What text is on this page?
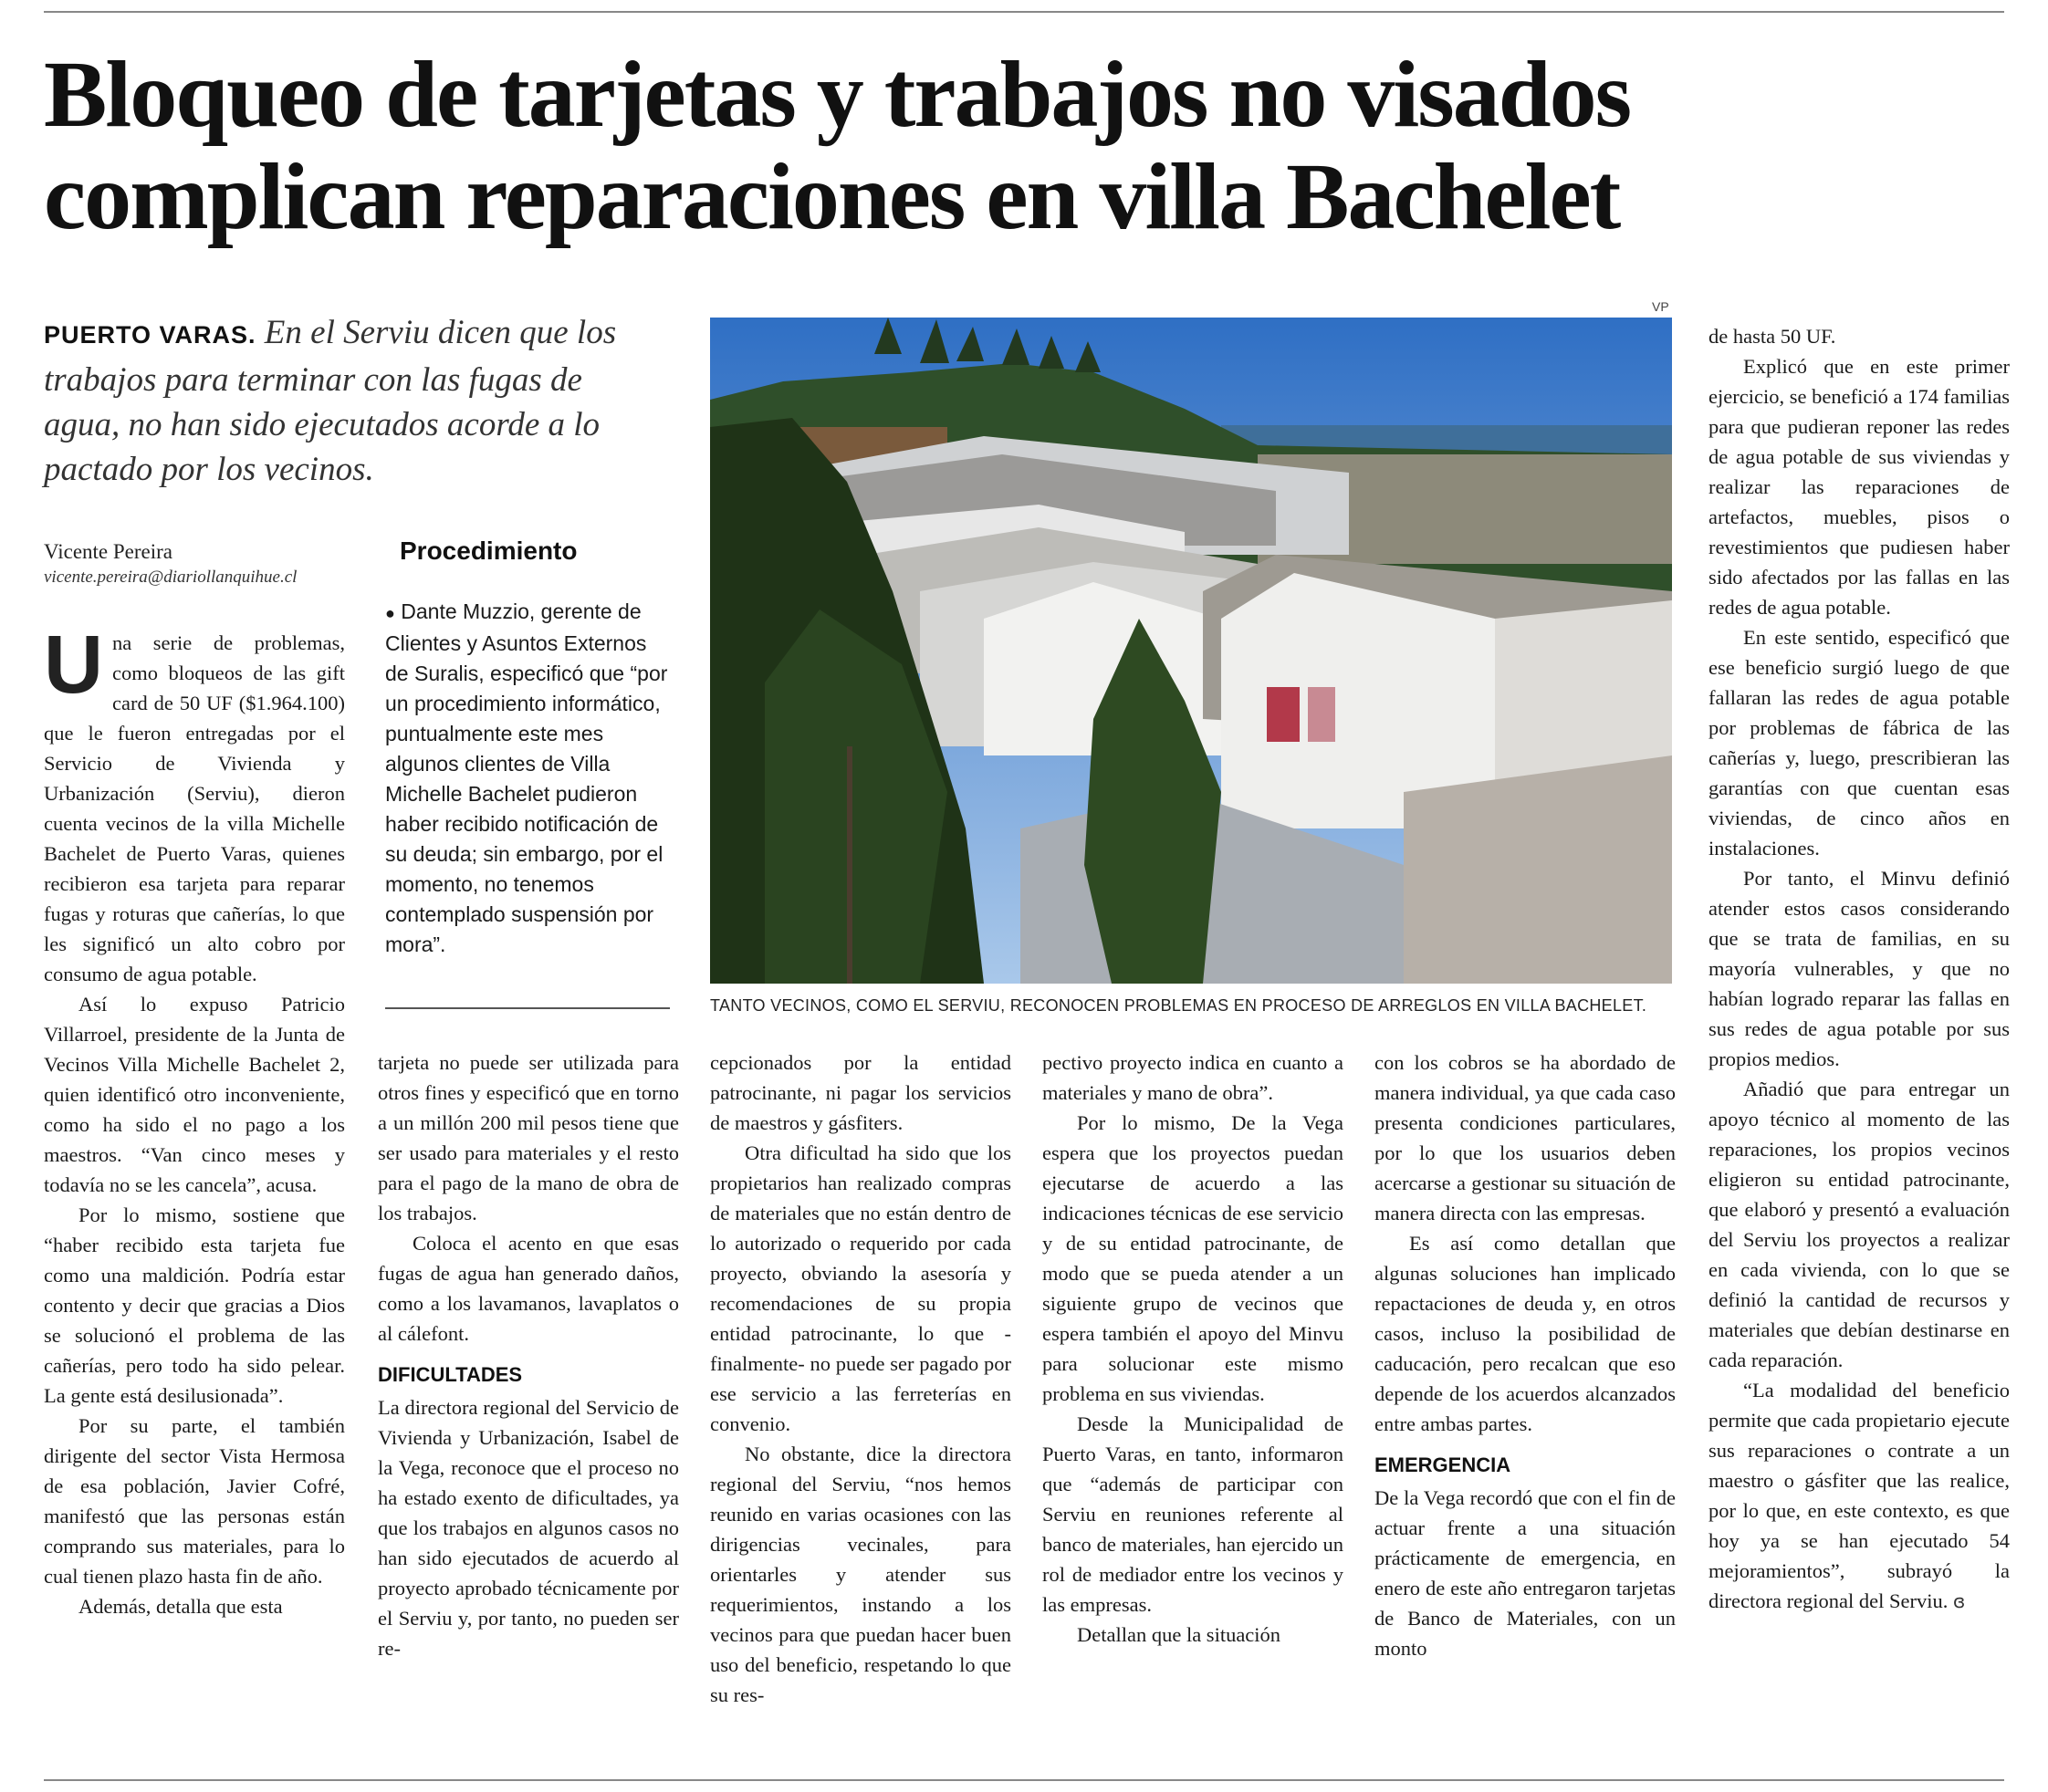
Bloqueo de tarjetas y trabajos no visados
complican reparaciones en villa Bachelet

PUERTO VARAS. En el Serviu dicen que los trabajos para terminar con las fugas de agua, no han sido ejecutados acorde a lo pactado por los vecinos.

Vicente Pereira
vicente.pereira@diariollanquihue.cl
Procedimiento

● Dante Muzzio, gerente de Clientes y Asuntos Externos de Suralis, especificó que “por un procedimiento informático, puntualmente este mes algunos clientes de Villa Michelle Bachelet pudieron haber recibido notificación de su deuda; sin embargo, por el momento, no tenemos contemplado suspensión por mora”.

VP
TANTO VECINOS, COMO EL SERVIU, RECONOCEN PROBLEMAS EN PROCESO DE ARREGLOS EN VILLA BACHELET.

Una serie de problemas, como bloqueos de las gift card de 50 UF ($1.964.100) que le fueron entregadas por el Servicio de Vivienda y Urbanización (Serviu), dieron cuenta vecinos de la villa Michelle Bachelet de Puerto Varas, quienes recibieron esa tarjeta para reparar fugas y roturas que cañerías, lo que les significó un alto cobro por consumo de agua potable.

Así lo expuso Patricio Villarroel, presidente de la Junta de Vecinos Villa Michelle Bachelet 2, quien identificó otro inconveniente, como ha sido el no pago a los maestros. “Van cinco meses y todavía no se les cancela”, acusa.

Por lo mismo, sostiene que “haber recibido esta tarjeta fue como una maldición. Podría estar contento y decir que gracias a Dios se solucionó el problema de las cañerías, pero todo ha sido pelear. La gente está desilusionada”.

Por su parte, el también dirigente del sector Vista Hermosa de esa población, Javier Cofré, manifestó que las personas están comprando sus materiales, para lo cual tienen plazo hasta fin de año.

Además, detalla que esta

tarjeta no puede ser utilizada para otros fines y especificó que en torno a un millón 200 mil pesos tiene que ser usado para materiales y el resto para el pago de la mano de obra de los trabajos.

Coloca el acento en que esas fugas de agua han generado daños, como a los lavamanos, lavaplatos o al cálefont.

DIFICULTADES

La directora regional del Servicio de Vivienda y Urbanización, Isabel de la Vega, reconoce que el proceso no ha estado exento de dificultades, ya que los trabajos en algunos casos no han sido ejecutados de acuerdo al proyecto aprobado técnicamente por el Serviu y, por tanto, no pueden ser re-

cepcionados por la entidad patrocinante, ni pagar los servicios de maestros y gásfiters.

Otra dificultad ha sido que los propietarios han realizado compras de materiales que no están dentro de lo autorizado o requerido por cada proyecto, obviando la asesoría y recomendaciones de su propia entidad patrocinante, lo que -finalmente- no puede ser pagado por ese servicio a las ferreterías en convenio.

No obstante, dice la directora regional del Serviu, “nos hemos reunido en varias ocasiones con las dirigencias vecinales, para orientarles y atender sus requerimientos, instando a los vecinos para que puedan hacer buen uso del beneficio, respetando lo que su res-

pectivo proyecto indica en cuanto a materiales y mano de obra”.

Por lo mismo, De la Vega espera que los proyectos puedan ejecutarse de acuerdo a las indicaciones técnicas de ese servicio y de su entidad patrocinante, de modo que se pueda atender a un siguiente grupo de vecinos que espera también el apoyo del Minvu para solucionar este mismo problema en sus viviendas.

Desde la Municipalidad de Puerto Varas, en tanto, informaron que “además de participar con Serviu en reuniones referente al banco de materiales, han ejercido un rol de mediador entre los vecinos y las empresas.

Detallan que la situación

con los cobros se ha abordado de manera individual, ya que cada caso presenta condiciones particulares, por lo que los usuarios deben acercarse a gestionar su situación de manera directa con las empresas.

Es así como detallan que algunas soluciones han implicado repactaciones de deuda y, en otros casos, incluso la posibilidad de caducación, pero recalcan que eso depende de los acuerdos alcanzados entre ambas partes.

EMERGENCIA

De la Vega recordó que con el fin de actuar frente a una situación prácticamente de emergencia, en enero de este año entregaron tarjetas de Banco de Materiales, con un monto

de hasta 50 UF.

Explicó que en este primer ejercicio, se benefició a 174 familias para que pudieran reponer las redes de agua potable de sus viviendas y realizar las reparaciones de artefactos, muebles, pisos o revestimientos que pudiesen haber sido afectados por las fallas en las redes de agua potable.

En este sentido, especificó que ese beneficio surgió luego de que fallaran las redes de agua potable por problemas de fábrica de las cañerías y, luego, prescribieran las garantías con que cuentan esas viviendas, de cinco años en instalaciones.

Por tanto, el Minvu definió atender estos casos considerando que se trata de familias, en su mayoría vulnerables, y que no habían logrado reparar las fallas en sus redes de agua potable por sus propios medios.

Añadió que para entregar un apoyo técnico al momento de las reparaciones, los propios vecinos eligieron su entidad patrocinante, que elaboró y presentó a evaluación del Serviu los proyectos a realizar en cada vivienda, con lo que se definió la cantidad de recursos y materiales que debían destinarse en cada reparación.

“La modalidad del beneficio permite que cada propietario ejecute sus reparaciones o contrate a un maestro o gásfiter que las realice, por lo que, en este contexto, es que hoy ya se han ejecutado 54 mejoramientos”, subrayó la directora regional del Serviu. ɞ
